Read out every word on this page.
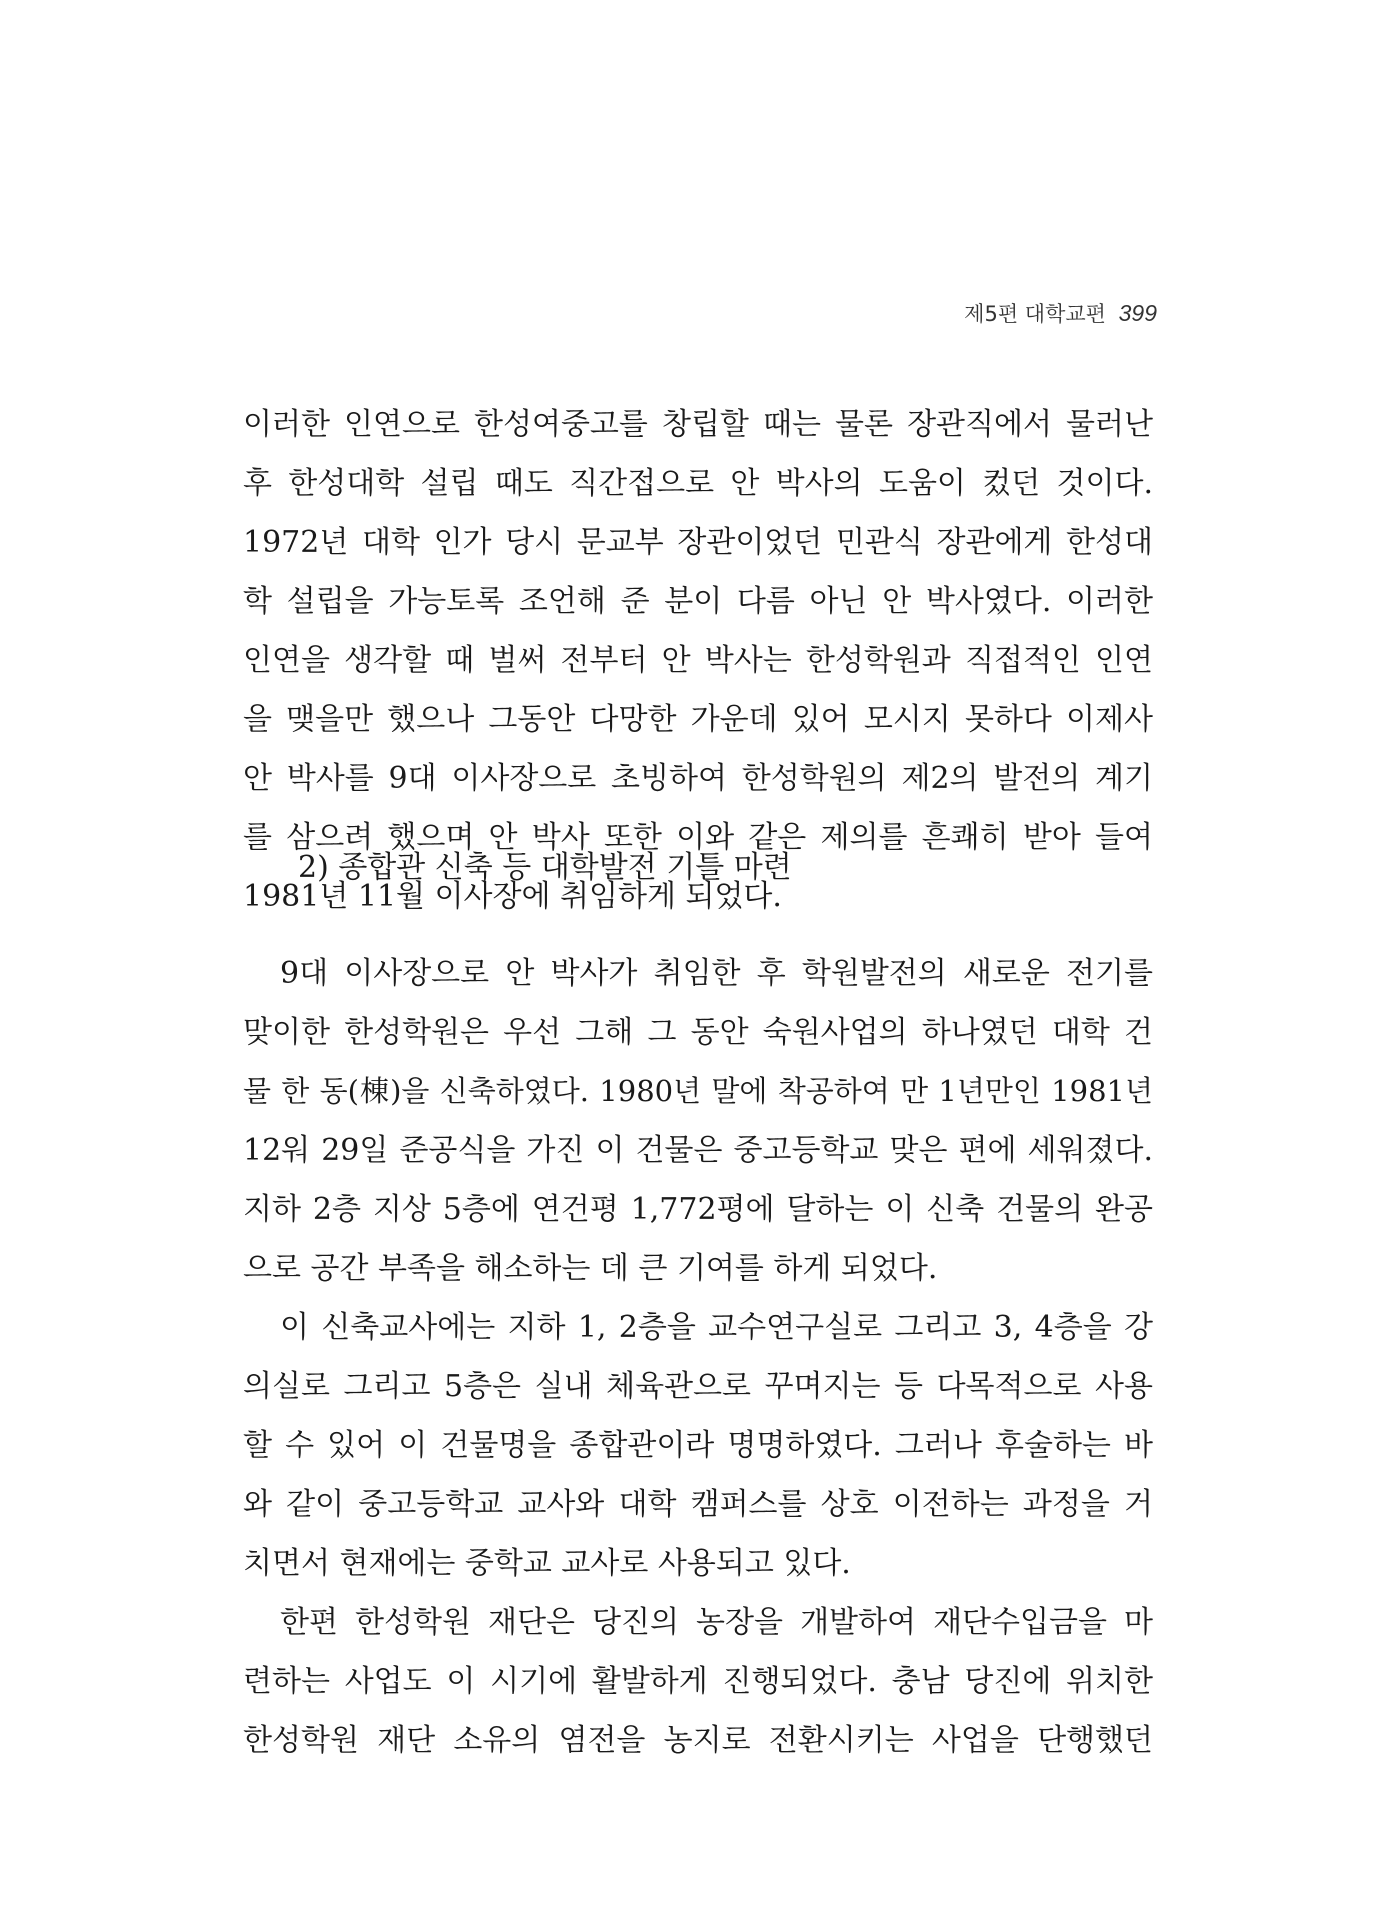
제5편 대학교편 399
이러한 인연으로 한성여중고를 창립할 때는 물론 장관직에서 물러난
후 한성대학 설립 때도 직간접으로 안 박사의 도움이 컸던 것이다.
1972년 대학 인가 당시 문교부 장관이었던 민관식 장관에게 한성대
학 설립을 가능토록 조언해 준 분이 다름 아닌 안 박사였다. 이러한
인연을 생각할 때 벌써 전부터 안 박사는 한성학원과 직접적인 인연
을 맺을만 했으나 그동안 다망한 가운데 있어 모시지 못하다 이제사
안 박사를 9대 이사장으로 초빙하여 한성학원의 제2의 발전의 계기
를 삼으려 했으며 안 박사 또한 이와 같은 제의를 흔쾌히 받아 들여
1981년 11월 이사장에 취임하게 되었다.
2) 종합관 신축 등 대학발전 기틀 마련
9대 이사장으로 안 박사가 취임한 후 학원발전의 새로운 전기를
맞이한 한성학원은 우선 그해 그 동안 숙원사업의 하나였던 대학 건
물 한 동(棟)을 신축하였다. 1980년 말에 착공하여 만 1년만인 1981년
12워 29일 준공식을 가진 이 건물은 중고등학교 맞은 편에 세워졌다.
지하 2층 지상 5층에 연건평 1,772평에 달하는 이 신축 건물의 완공
으로 공간 부족을 해소하는 데 큰 기여를 하게 되었다.
이 신축교사에는 지하 1, 2층을 교수연구실로 그리고 3, 4층을 강
의실로 그리고 5층은 실내 체육관으로 꾸며지는 등 다목적으로 사용
할 수 있어 이 건물명을 종합관이라 명명하였다. 그러나 후술하는 바
와 같이 중고등학교 교사와 대학 캠퍼스를 상호 이전하는 과정을 거
치면서 현재에는 중학교 교사로 사용되고 있다.
한편 한성학원 재단은 당진의 농장을 개발하여 재단수입금을 마
련하는 사업도 이 시기에 활발하게 진행되었다. 충남 당진에 위치한
한성학원 재단 소유의 염전을 농지로 전환시키는 사업을 단행했던
